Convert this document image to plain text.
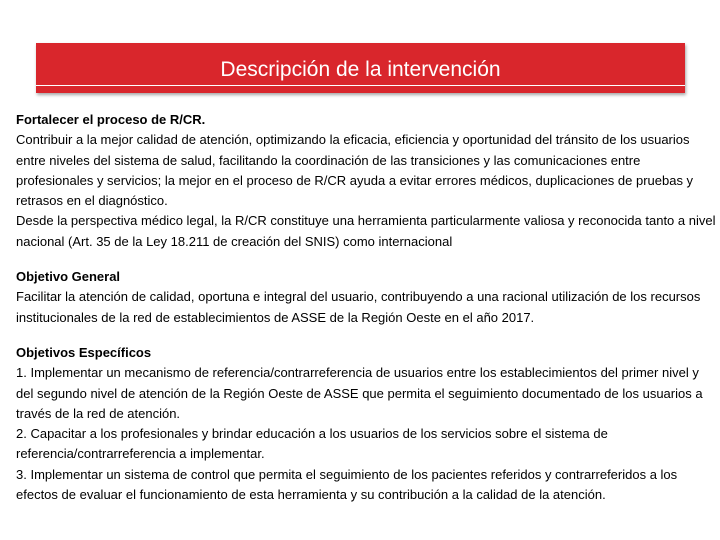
Descripción de la intervención

Fortalecer el proceso de R/CR.

Contribuir a la mejor calidad de atención, optimizando la eficacia, eficiencia y oportunidad del tránsito de los usuarios entre niveles del sistema de salud, facilitando la coordinación de las transiciones y las comunicaciones entre profesionales y servicios; la mejor en el proceso de R/CR ayuda a evitar errores médicos, duplicaciones de pruebas y retrasos en el diagnóstico.

Desde la perspectiva médico legal, la R/CR constituye una herramienta particularmente valiosa y reconocida tanto a nivel nacional (Art. 35 de la Ley 18.211 de creación del SNIS) como internacional

Objetivo General

Facilitar la atención de calidad, oportuna e integral del usuario, contribuyendo a una racional utilización de los recursos institucionales de la red de establecimientos de ASSE de la Región Oeste en el año 2017.

Objetivos Específicos

1. Implementar un mecanismo de referencia/contrarreferencia de usuarios entre los establecimientos del primer nivel y del segundo nivel de atención de la Región Oeste de ASSE que permita el seguimiento documentado de los usuarios a través de la red de atención.

2. Capacitar a los profesionales y brindar educación a los usuarios de los servicios sobre el sistema de referencia/contrarreferencia a implementar.

3. Implementar un sistema de control que permita el seguimiento de los pacientes referidos y contrarreferidos a los efectos de evaluar el funcionamiento de esta herramienta y su contribución a la calidad de la atención.
